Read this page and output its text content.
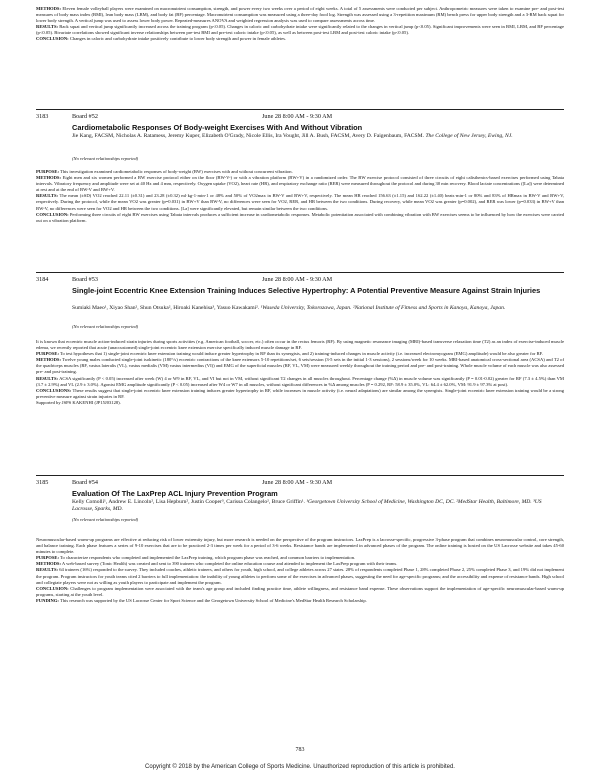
METHODS: Eleven female volleyball players were examined on macronutrient consumption, strength, and power every two weeks over a period of eight weeks. A total of 5 assessments were conducted per subject. Anthropometric measures were taken to examine pre- and post-test measures of body mass index (BMI), lean body mass (LBM), and body fat (BF) percentage. Macronutrient consumption was measured using a three-day food log. Strength was assessed using a 3-repetition maximum (RM) bench press for upper body strength and a 3-RM back squat for lower body strength. A vertical jump was used to assess lower body power. Repeated-measures ANOVA and weighted regression analysis was used to compare assessments across time.

RESULTS: Back squat and vertical jump significantly increased across the training program (p<0.05). Changes in caloric and carbohydrate intake were significantly related to the changes in vertical jump (p<0.05). Significant improvements were seen in BMI, LBM, and BF percentage (p<0.05). Bivariate correlations showed significant inverse relationships between pre-test BMI and pre-test caloric intake (p<0.05), as well as between post-test LBM and post-test caloric intake (p<0.05).

CONCLUSION: Changes in caloric and carbohydrate intake positively contribute to lower body strength and power in female athletes.

3183	Board #52	June 28 8:00 AM - 9:30 AM
Cardiometabolic Responses Of Body-weight Exercises With And Without Vibration
Jie Kang, FACSM, Nicholas A. Ratamess, Jeremy Kuper, Elizabeth O'Grady, Nicole Ellis, Ira Vought, Jill A. Bush, FACSM, Avery D. Faigenbaum, FACSM. The College of New Jersey, Ewing, NJ.
(No relevant relationships reported)

PURPOSE: This investigation examined cardiometabolic responses of body-weight (BW) exercises with and without concurrent vibration.

METHODS: Eight men and six women performed a BW exercise protocol either on the floor (BW-V-) or with a vibration platform (BW+V) in a randomized order. The BW exercise protocol consisted of three circuits of eight calisthenics-based exercises performed using Tabata intervals. Vibratory frequency and amplitude were set at 40 Hz and 4 mm, respectively. Oxygen uptake (VO2), heart rate (HR), and respiratory exchange ratio (RER) were measured throughout the protocol and during 30 min recovery. Blood lactate concentrations ([La]) were determined at rest and at the end of BW-V and BW+V.

RESULTS: The mean (±SD) VO2 reached 22.11 (±0.31) and 23.28 (±0.32) ml·kg-1·min-1 or 48% and 50% of VO2max in BW-V and BW+V, respectively. The mean HR reached 156.63 (±1.15) and 162.22 (±1.40) beats·min-1 or 80% and 83% of HRmax in BW-V and BW+V, respectively. During the protocol, while the mean VO2 was greater (p=0.031) in BW+V than BW-V, no differences were seen for VO2, RER, and HR between the two conditions. During recovery, while mean VO2 was greater (p=0.002), and RER was lower (p=0.033) in BW+V than BW-V, no differences were seen for VO2 and HR between the two conditions. [La] were significantly elevated, but remain similar between the two conditions.

CONCLUSION: Performing three circuits of eight BW exercises using Tabata intervals produces a sufficient increase in cardiometabolic responses. Metabolic potentiation associated with combining vibration with BW exercises seems to be influenced by how the exercises were carried out on a vibration platform.

3184	Board #53	June 28 8:00 AM - 9:30 AM
Single-joint Eccentric Knee Extension Training Induces Selective Hypertrophy: A Potential Preventive Measure Against Strain Injuries
Sumiaki Maeo¹, Xiyao Shan², Shun Otsuka², Hiroaki Kanehisa³, Yasuo Kawakami². ¹Waseda University, Tokorozawa, Japan. ²National Institute of Fitness and Sports in Kanoya, Kanoya, Japan.
(No relevant relationships reported)

It is known that eccentric muscle action-induced strain injuries during sports activities (e.g. American football, soccer, etc.) often occur in the rectus femoris (RF). By using magnetic resonance imaging (MRI)-based transverse relaxation time (T2) as an index of exercise-induced muscle edema, we recently reported that acute (unaccustomed) single-joint eccentric knee extension exercise specifically induced muscle damage in RF.

PURPOSE: To test hypotheses that 1) single-joint eccentric knee extension training would induce greater hypertrophy in RF than its synergists, and 2) training-induced changes in muscle activity (i.e. increased electromyogram (EMG) amplitude) would be also greater for RF.

METHODS: Twelve young males conducted single-joint isokinetic (180°/s) eccentric contractions of the knee extensors 5-10 repetitions/set, 6 sets/session (3-5 sets in the initial 1-3 sessions), 2 sessions/week for 10 weeks. MRI-based anatomical cross-sectional area (ACSA) and T2 of the quadriceps muscles (RF, vastus lateralis (VL), vastus medialis (VM) vastus intermedius (VI)) and EMG of the superficial muscles (RF, VL, VM) were measured weekly throughout the training period and pre- and post-training. Whole muscle volume of each muscle was also assessed pre- and post-training.

RESULTS: ACSA significantly (P < 0.05) increased after week (W) 4 or W9 in RF, VL, and VI but not in VM, without significant T2 changes in all muscles throughout. Percentage change (%Δ) in muscle volume was significantly (P = 0.01-0.02) greater for RF (7.3 ± 4.5%) than VM (3.7 ± 2.9%) and VL (2.9 ± 3.0%). Agonist EMG amplitude significantly (P < 0.05) increased after W4 or W7 in all muscles, without significant differences in %Δ among muscles (P = 0.292, RF: 58.9 ± 35.0%, VL: 64.4 ± 62.0%, VM: 91.9 ± 97.3% at post).

CONCLUSIONS: These results suggest that single-joint eccentric knee extension training induces greater hypertrophy in RF, while increases in muscle activity (i.e. neural adaptations) are similar among the synergists. Single-joint eccentric knee extension training would be a strong preventive measure against strain injuries in RF.

Supported by JSPS KAKENHI (JP15J03128).

3185	Board #54	June 28 8:00 AM - 9:30 AM
Evaluation Of The LaxPrep ACL Injury Prevention Program
Kelly Comolli¹, Andrew E. Lincoln², Lisa Hepburn², Justin Cooper³, Carissa Colangelo², Bruce Griffin¹. ¹Georgetown University School of Medicine, Washington DC, DC. ²MedStar Health, Baltimore, MD. ³US Lacrosse, Sparks, MD.
(No relevant relationships reported)

Neuromuscular-based warm-up programs are effective at reducing risk of lower extremity injury, but more research is needed on the perspective of the program instructors. LaxPrep is a lacrosse-specific, progressive 3-phase program that combines neuromuscular control, core strength, and balance training. Each phase features a series of 9-10 exercises that are to be practiced 2-3 times per week for a period of 3-6 weeks. Resistance bands are implemented in advanced phases of the program. The online training is hosted on the US Lacrosse website and takes 45-60 minutes to complete.

PURPOSE: To characterize respondents who completed and implemented the LaxPrep training, which program phase was reached, and common barriers to implementation.

METHODS: A web-based survey (Tonic Health) was created and sent to 390 trainees who completed the online education course and attended to implement the LaxPrep program with their teams.

RESULTS: 64 trainees (16%) responded to the survey. They included coaches, athletic trainers, and others for youth, high school, and college athletes across 27 states. 28% of respondents completed Phase 1, 28% completed Phase 2, 25% completed Phase 3, and 19% did not implement the program. Program instructors for youth teams cited 2 barriers to full implementation: the inability of young athletes to perform some of the exercises in advanced phases, suggesting the need for age-specific programs; and the accessibility and expense of resistance bands. High school and collegiate players were not as willing as youth players to participate and implement the program.

CONCLUSION: Challenges to program implementation were associated with the team's age group and included finding practice time, athlete willingness, and resistance band expense. These observations support the implementation of age-specific neuromuscular-based warm-up programs, starting at the youth level.

FUNDING: This research was supported by the US Lacrosse Center for Sport Science and the Georgetown University School of Medicine's MedStar Health Research Scholarship.

783
Copyright © 2018 by the American College of Sports Medicine. Unauthorized reproduction of this article is prohibited.
